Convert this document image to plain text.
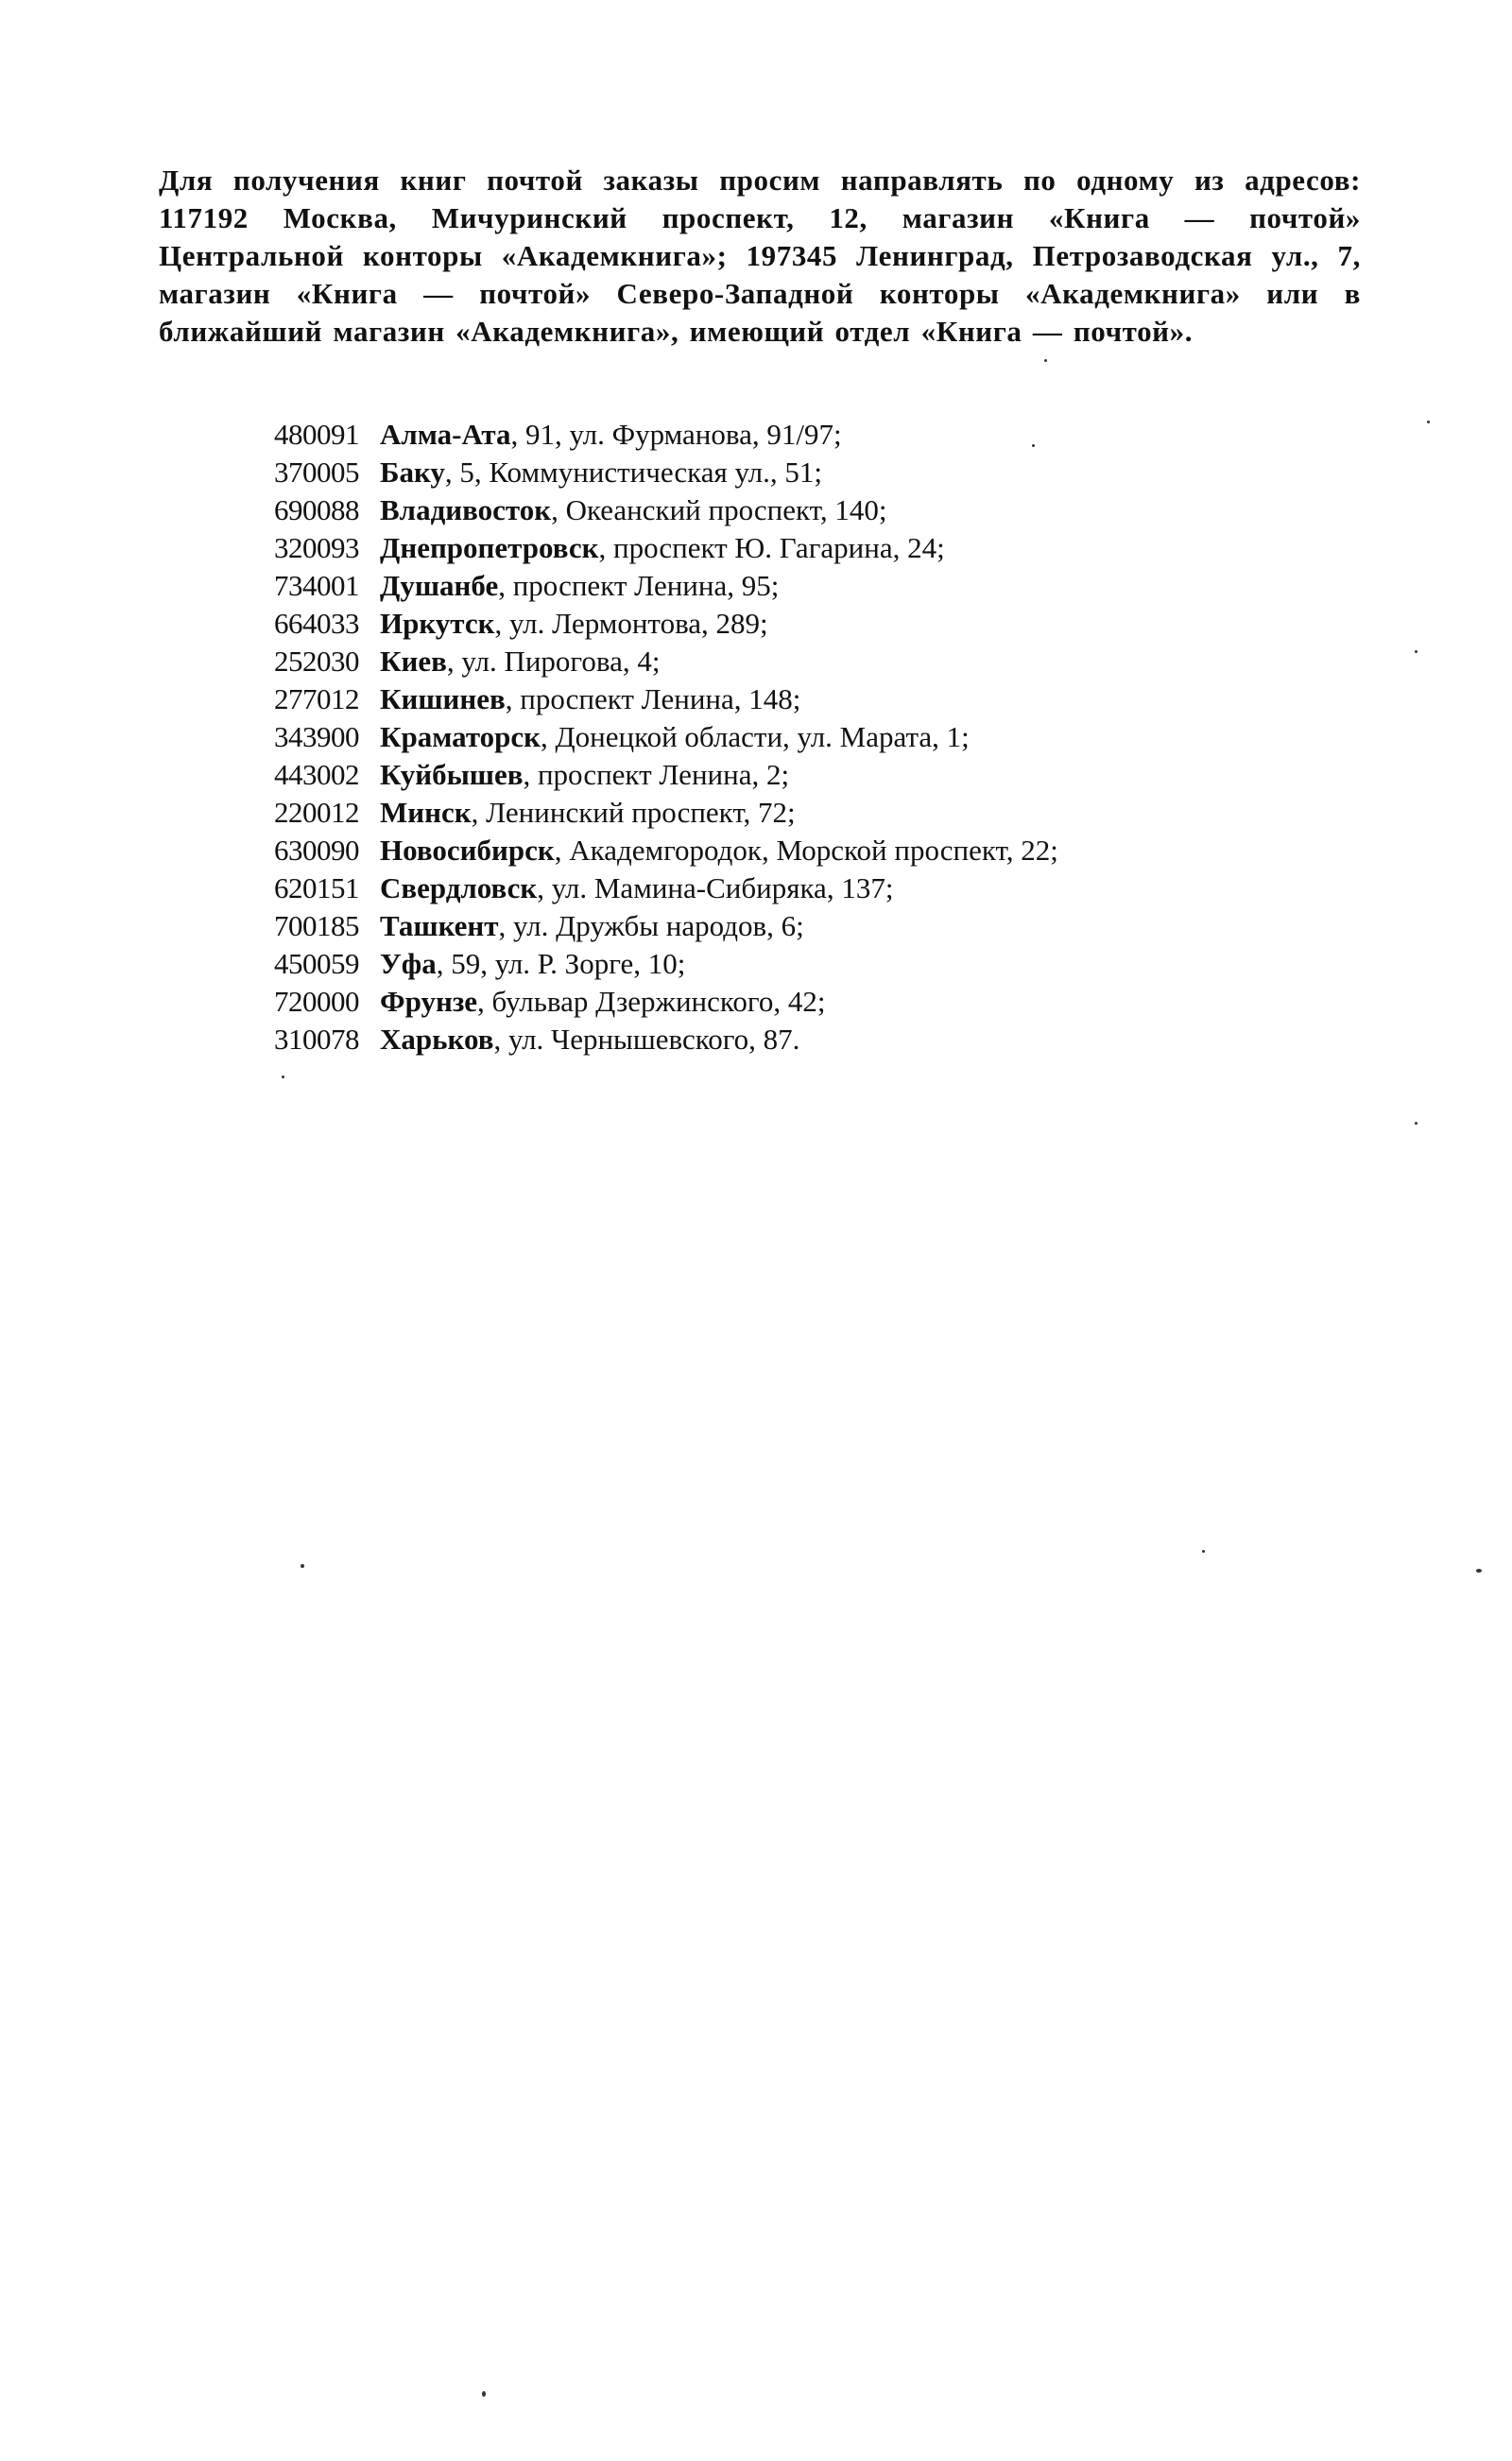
Для получения книг почтой заказы просим направлять по одному из адресов: 117192 Москва, Мичуринский проспект, 12, магазин «Книга — почтой» Центральной конторы «Академкнига»; 197345 Ленинград, Петрозаводская ул., 7, магазин «Книга — почтой» Северо-Западной конторы «Академкнига» или в ближайший магазин «Академкнига», имеющий отдел «Книга — почтой».

480091 Алма-Ата , 91, ул. Фурманова, 91/97;
370005 Баку , 5, Коммунистическая ул., 51;
690088 Владивосток , Океанский проспект, 140;
320093 Днепропетровск , проспект Ю. Гагарина, 24;
734001 Душанбе , проспект Ленина, 95;
664033 Иркутск , ул. Лермонтова, 289;
252030 Киев , ул. Пирогова, 4;
277012 Кишинев , проспект Ленина, 148;
343900 Краматорск , Донецкой области, ул. Марата, 1;
443002 Куйбышев , проспект Ленина, 2;
220012 Минск , Ленинский проспект, 72;
630090 Новосибирск , Академгородок, Морской проспект, 22;
620151 Свердловск , ул. Мамина-Сибиряка, 137;
700185 Ташкент , ул. Дружбы народов, 6;
450059 Уфа , 59, ул. Р. Зорге, 10;
720000 Фрунзе , бульвар Дзержинского, 42;
310078 Харьков , ул. Чернышевского, 87.
